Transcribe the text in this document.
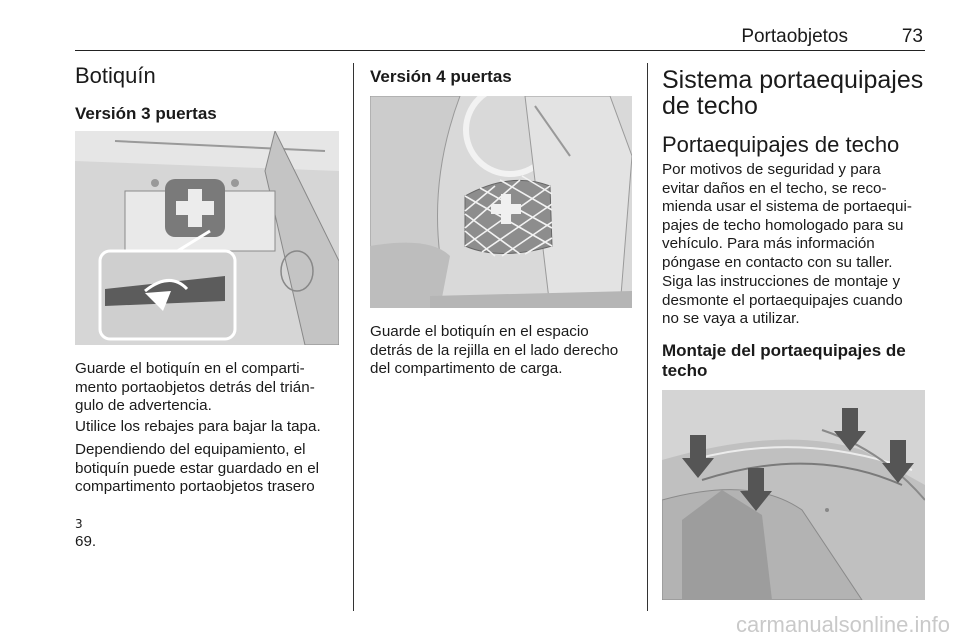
Portaobjetos	73
Botiquín
Versión 3 puertas
Guarde el botiquín en el comparti-
mento portaobjetos detrás del trián-
gulo de advertencia.
Utilice los rebajes para bajar la tapa.
Dependiendo del equipamiento, el
botiquín puede estar guardado en el
compartimento portaobjetos trasero

3
69.

Versión 4 puertas
Guarde el botiquín en el espacio
detrás de la rejilla en el lado derecho
del compartimento de carga.
Sistema portaequipajes
de techo
Portaequipajes de techo
Por motivos de seguridad y para
evitar daños en el techo, se reco-
mienda usar el sistema de portaequi-
pajes de techo homologado para su
vehículo. Para más información
póngase en contacto con su taller.
Siga las instrucciones de montaje y
desmonte el portaequipajes cuando
no se vaya a utilizar.
Montaje del portaequipajes de
techo
carmanualsonline.info
